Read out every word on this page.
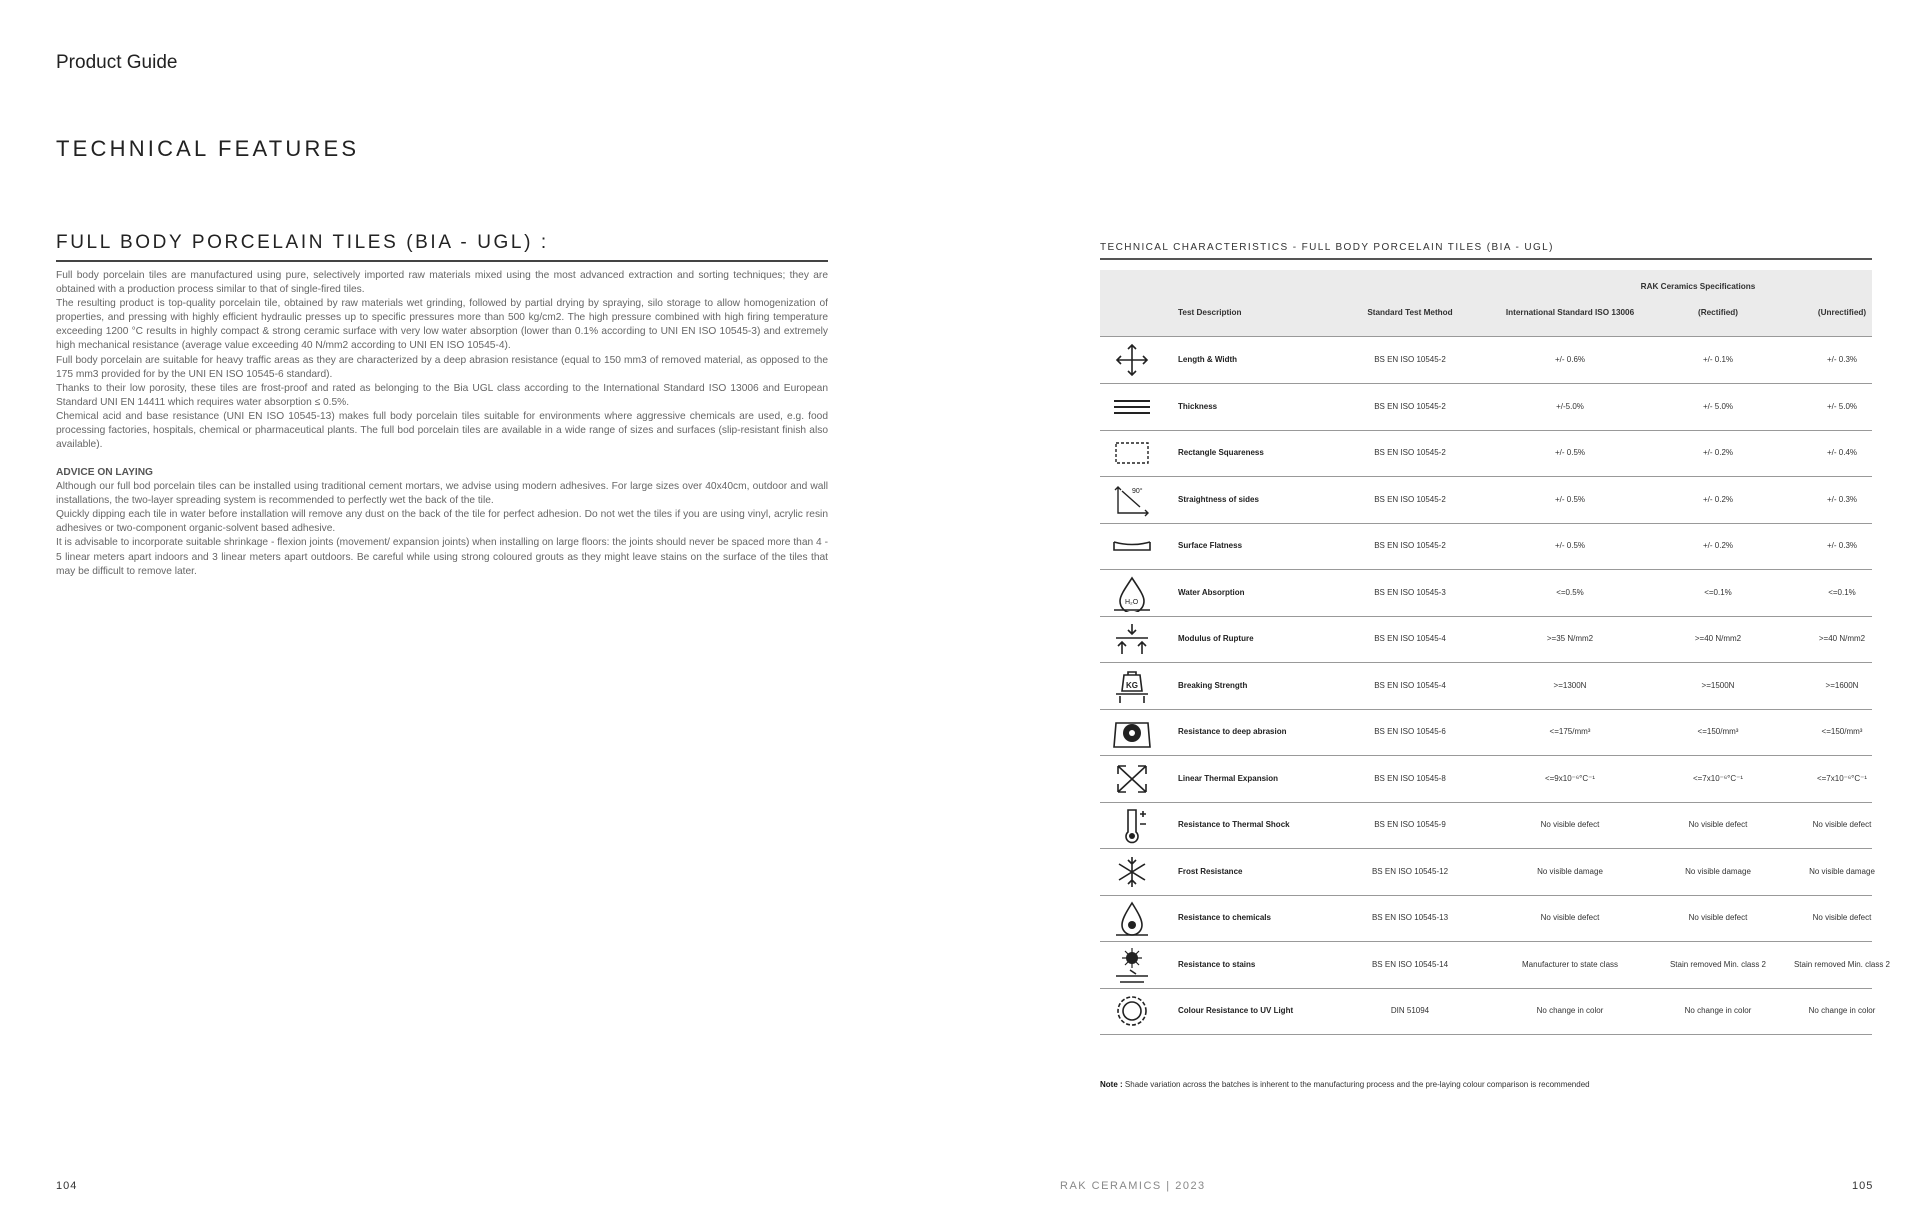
Product Guide
TECHNICAL FEATURES
FULL BODY PORCELAIN TILES (BIA - UGL) :

Full body porcelain tiles are manufactured using pure, selectively imported raw materials mixed using the most advanced extraction and sorting techniques; they are obtained with a production process similar to that of single-fired tiles.

The resulting product is top-quality porcelain tile, obtained by raw materials wet grinding, followed by partial drying by spraying, silo storage to allow homogenization of properties, and pressing with highly efficient hydraulic presses up to specific pressures more than 500 kg/cm2. The high pressure combined with high firing temperature exceeding 1200 °C results in highly compact & strong ceramic surface with very low water absorption (lower than 0.1% according to UNI EN ISO 10545-3) and extremely high mechanical resistance (average value exceeding 40 N/mm2 according to UNI EN ISO 10545-4).

Full body porcelain are suitable for heavy traffic areas as they are characterized by a deep abrasion resistance (equal to 150 mm3 of removed material, as opposed to the 175 mm3 provided for by the UNI EN ISO 10545-6 standard).

Thanks to their low porosity, these tiles are frost-proof and rated as belonging to the Bia UGL class according to the International Standard ISO 13006 and European Standard UNI EN 14411 which requires water absorption ≤ 0.5%.

Chemical acid and base resistance (UNI EN ISO 10545-13) makes full body porcelain tiles suitable for environments where aggressive chemicals are used, e.g. food processing factories, hospitals, chemical or pharmaceutical plants. The full bod porcelain tiles are available in a wide range of sizes and surfaces (slip-resistant finish also available).

ADVICE ON LAYING

Although our full bod porcelain tiles can be installed using traditional cement mortars, we advise using modern adhesives. For large sizes over 40x40cm, outdoor and wall installations, the two-layer spreading system is recommended to perfectly wet the back of the tile.

Quickly dipping each tile in water before installation will remove any dust on the back of the tile for perfect adhesion. Do not wet the tiles if you are using vinyl, acrylic resin adhesives or two-component organic-solvent based adhesive.

It is advisable to incorporate suitable shrinkage - flexion joints (movement/ expansion joints) when installing on large floors: the joints should never be spaced more than 4 - 5 linear meters apart indoors and 3 linear meters apart outdoors. Be careful while using strong coloured grouts as they might leave stains on the surface of the tiles that may be difficult to remove later.

TECHNICAL CHARACTERISTICS - FULL BODY PORCELAIN TILES (BIA - UGL)
RAK Ceramics Specifications
Test Description	Standard Test Method	International Standard ISO 13006	(Rectified)	(Unrectified)
Length & Width	BS EN ISO 10545-2	+/- 0.6%	+/- 0.1%	+/- 0.3%
Thickness	BS EN ISO 10545-2	+/-5.0%	+/- 5.0%	+/- 5.0%
Rectangle Squareness	BS EN ISO 10545-2	+/- 0.5%	+/- 0.2%	+/- 0.4%
90°
Straightness of sides	BS EN ISO 10545-2	+/- 0.5%	+/- 0.2%	+/- 0.3%
Surface Flatness	BS EN ISO 10545-2	+/- 0.5%	+/- 0.2%	+/- 0.3%
H₂O
Water Absorption	BS EN ISO 10545-3	<=0.5%	<=0.1%	<=0.1%
Modulus of Rupture	BS EN ISO 10545-4	>=35 N/mm2	>=40 N/mm2	>=40 N/mm2
KG	Breaking Strength	BS EN ISO 10545-4	>=1300N	>=1500N	>=1600N
Resistance to deep abrasion	BS EN ISO 10545-6	<=175/mm³	<=150/mm³	<=150/mm³
Linear Thermal Expansion	BS EN ISO 10545-8	<=9x10⁻⁶°C⁻¹	<=7x10⁻⁶°C⁻¹	<=7x10⁻⁶°C⁻¹
Resistance to Thermal Shock	BS EN ISO 10545-9	No visible defect	No visible defect	No visible defect
Frost Resistance	BS EN ISO 10545-12	No visible damage	No visible damage	No visible damage
Resistance to chemicals	BS EN ISO 10545-13	No visible defect	No visible defect	No visible defect
Resistance to stains	BS EN ISO 10545-14	Manufacturer to state class	Stain removed Min. class 2	Stain removed Min. class 2
Colour Resistance to UV Light	DIN 51094	No change in color	No change in color	No change in color
Note : Shade variation across the batches is inherent to the manufacturing process and the pre-laying colour comparison is recommended
104	RAK CERAMICS | 2023	105
